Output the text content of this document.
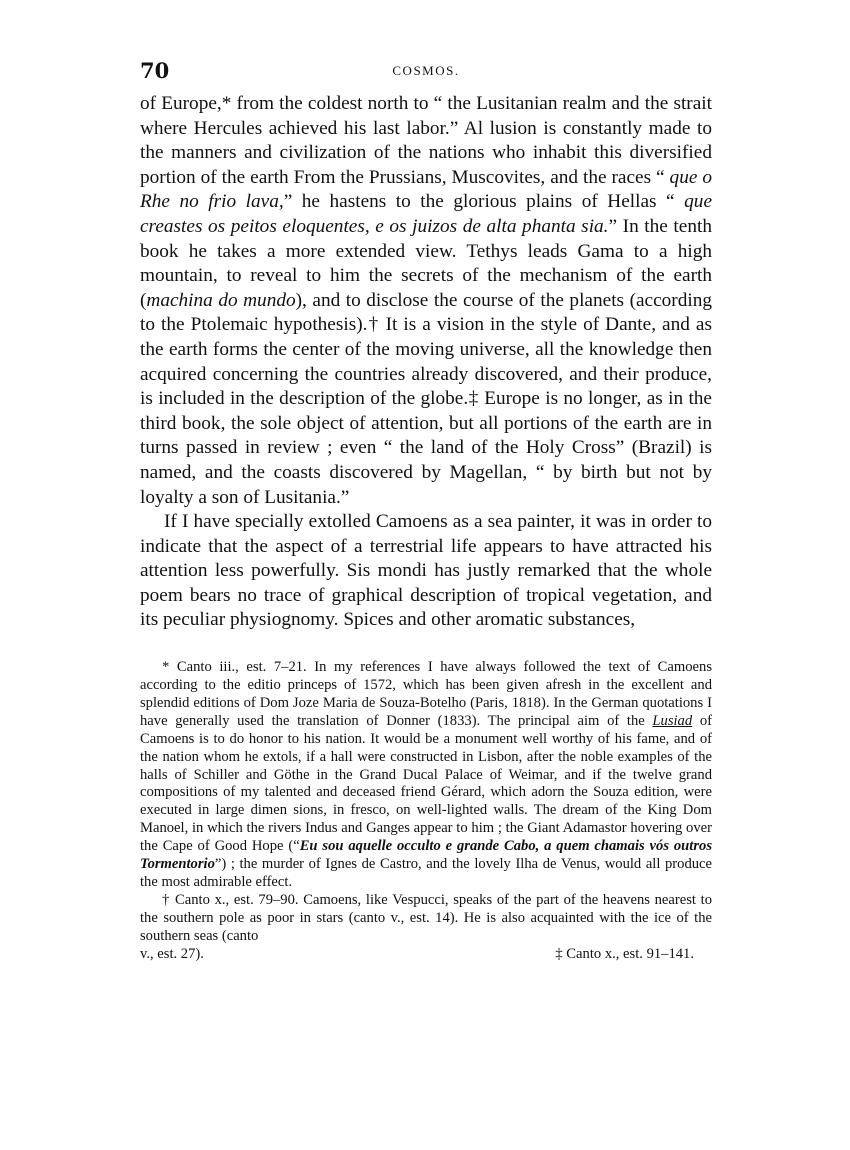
70	COSMOS.

of Europe,* from the coldest north to “ the Lusitanian realm and the strait where Hercules achieved his last labor.” Al lusion is constantly made to the manners and civilization of the nations who inhabit this diversified portion of the earth From the Prussians, Muscovites, and the races “ que o Rhe no frio lava,” he hastens to the glorious plains of Hellas “ que creastes os peitos eloquentes, e os juizos de alta phanta sia.” In the tenth book he takes a more extended view. Tethys leads Gama to a high mountain, to reveal to him the secrets of the mechanism of the earth (machina do mundo), and to disclose the course of the planets (according to the Ptolemaic hypothesis).† It is a vision in the style of Dante, and as the earth forms the center of the moving universe, all the knowledge then acquired concerning the countries already discovered, and their produce, is included in the description of the globe.‡ Europe is no longer, as in the third book, the sole object of attention, but all portions of the earth are in turns passed in review ; even “ the land of the Holy Cross” (Brazil) is named, and the coasts discovered by Magellan, “ by birth but not by loyalty a son of Lusitania.”

If I have specially extolled Camoens as a sea painter, it was in order to indicate that the aspect of a terrestrial life appears to have attracted his attention less powerfully. Sis mondi has justly remarked that the whole poem bears no trace of graphical description of tropical vegetation, and its peculiar physiognomy. Spices and other aromatic substances,

* Canto iii., est. 7–21. In my references I have always followed the text of Camoens according to the editio princeps of 1572, which has been given afresh in the excellent and splendid editions of Dom Joze Maria de Souza-Botelho (Paris, 1818). In the German quotations I have generally used the translation of Donner (1833). The principal aim of the Lusiad of Camoens is to do honor to his nation. It would be a monument well worthy of his fame, and of the nation whom he extols, if a hall were constructed in Lisbon, after the noble examples of the halls of Schiller and Göthe in the Grand Ducal Palace of Weimar, and if the twelve grand compositions of my talented and deceased friend Gérard, which adorn the Souza edition, were executed in large dimen sions, in fresco, on well-lighted walls. The dream of the King Dom Manoel, in which the rivers Indus and Ganges appear to him ; the Giant Adamastor hovering over the Cape of Good Hope (“Eu sou aquelle occulto e grande Cabo, a quem chamais vós outros Tormentorio”) ; the murder of Ignes de Castro, and the lovely Ilha de Venus, would all produce the most admirable effect.

† Canto x., est. 79–90. Camoens, like Vespucci, speaks of the part of the heavens nearest to the southern pole as poor in stars (canto v., est. 14). He is also acquainted with the ice of the southern seas (canto

v., est. 27).	‡ Canto x., est. 91–141.
